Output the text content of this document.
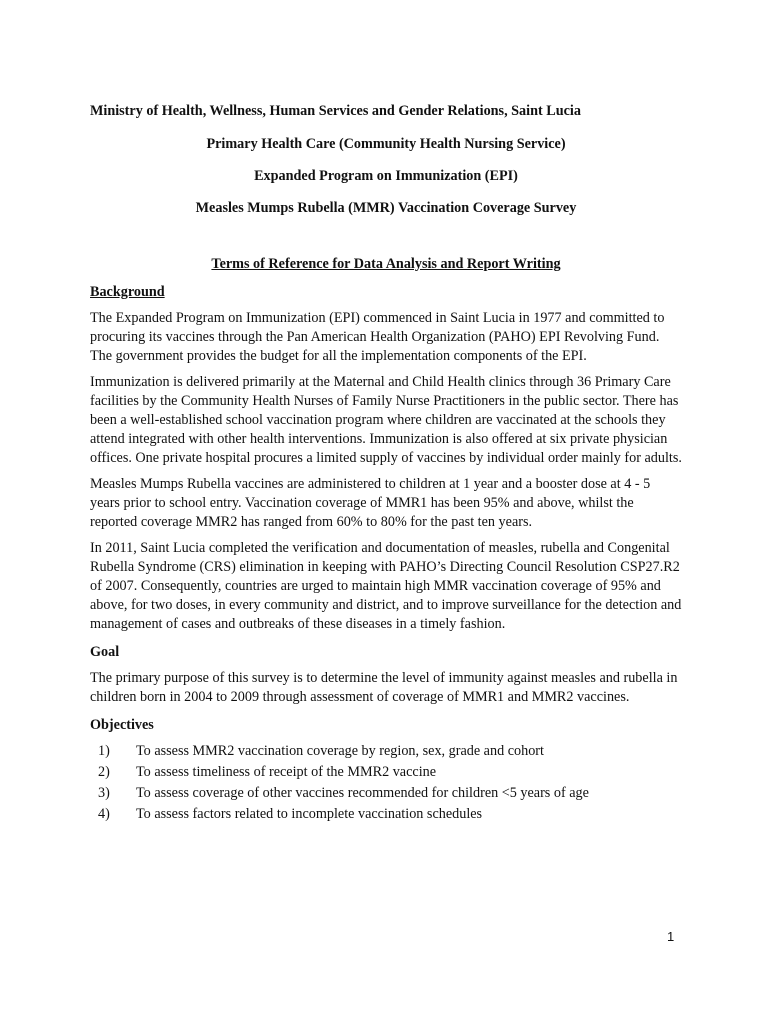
Ministry of Health, Wellness, Human Services and Gender Relations, Saint Lucia
Primary Health Care (Community Health Nursing Service)
Expanded Program on Immunization (EPI)
Measles Mumps Rubella (MMR) Vaccination Coverage Survey
Terms of Reference for Data Analysis and Report Writing
Background

The Expanded Program on Immunization (EPI) commenced in Saint Lucia in 1977 and committed to procuring its vaccines through the Pan American Health Organization (PAHO) EPI Revolving Fund. The government provides the budget for all the implementation components of the EPI.

Immunization is delivered primarily at the Maternal and Child Health clinics through 36 Primary Care facilities by the Community Health Nurses of Family Nurse Practitioners in the public sector. There has been a well-established school vaccination program where children are vaccinated at the schools they attend integrated with other health interventions. Immunization is also offered at six private physician offices. One private hospital procures a limited supply of vaccines by individual order mainly for adults.

Measles Mumps Rubella vaccines are administered to children at 1 year and a booster dose at 4 - 5 years prior to school entry. Vaccination coverage of MMR1 has been 95% and above, whilst the reported coverage MMR2 has ranged from 60% to 80% for the past ten years.

In 2011, Saint Lucia completed the verification and documentation of measles, rubella and Congenital Rubella Syndrome (CRS) elimination in keeping with PAHO’s Directing Council Resolution CSP27.R2 of 2007. Consequently, countries are urged to maintain high MMR vaccination coverage of 95% and above, for two doses, in every community and district, and to improve surveillance for the detection and management of cases and outbreaks of these diseases in a timely fashion.

Goal

The primary purpose of this survey is to determine the level of immunity against measles and rubella in children born in 2004 to 2009 through assessment of coverage of MMR1 and MMR2 vaccines.

Objectives
1) To assess MMR2 vaccination coverage by region, sex, grade and cohort
2) To assess timeliness of receipt of the MMR2 vaccine
3) To assess coverage of other vaccines recommended for children <5 years of age
4) To assess factors related to incomplete vaccination schedules
1
